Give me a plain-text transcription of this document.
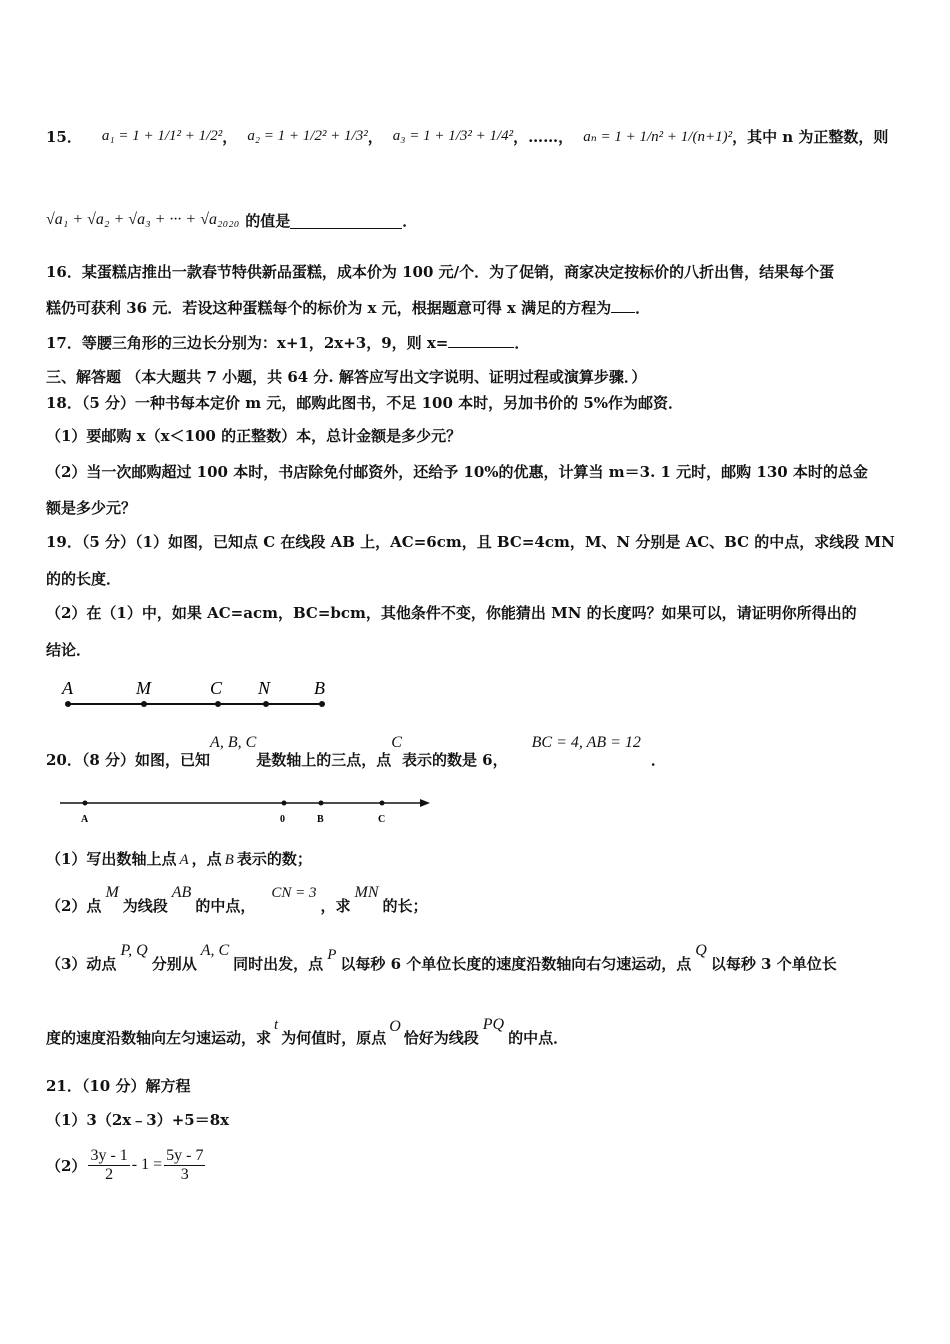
15． a₁ = 1 + 1/1² + 1/2² ， a₂ = 1 + 1/2² + 1/3² ， a₃ = 1 + 1/3² + 1/4² ，……， aₙ = 1 + 1/n² + 1/(n+1)² ，其中 n 为正整数，则
√a₁ + √a₂ + √a₃ + ··· + √a₂₀₂₀ 的值是	．
16．某蛋糕店推出一款春节特供新品蛋糕，成本价为 100 元/个．为了促销，商家决定按标价的八折出售，结果每个蛋
糕仍可获利 36 元．若设这种蛋糕每个的标价为 x 元，根据题意可得 x 满足的方程为 ．
17．等腰三角形的三边长分别为：x+1，2x+3，9，则 x=	．
三、解答题 （本大题共 7 小题，共 64 分. 解答应写出文字说明、证明过程或演算步骤．）
18．（5 分）一种书每本定价 m 元，邮购此图书，不足 100 本时，另加书价的 5%作为邮资．
（1）要邮购 x（x＜100 的正整数）本，总计金额是多少元？
（2）当一次邮购超过 100 本时，书店除免付邮资外，还给予 10%的优惠，计算当 m＝3. 1 元时，邮购 130 本时的总金
额是多少元？
19．（5 分）（1）如图，已知点 C 在线段 AB 上，AC=6cm，且 BC=4cm，M、N 分别是 AC、BC 的中点，求线段 MN
的的长度．
（2）在（1）中，如果 AC=acm，BC=bcm，其他条件不变，你能猜出 MN 的长度吗？如果可以，请证明你所得出的
结论．
A	M	C N B
20．（8 分）如图，已知
A, B, C
是数轴上的三点，点
C
表示的数是 6，
BC = 4, AB = 12
．
A	0	B	C
（1）写出数轴上点 A ，点 B 表示的数；
（2）点
M
为线段
AB
的中点，
CN = 3
，求
MN
的长；
（3）动点
P, Q
分别从
A, C
同时出发，点 P 以每秒 6 个单位长度的速度沿数轴向右匀速运动，点
Q
以每秒 3 个单位长
度的速度沿数轴向左匀速运动，求
t
为何值时，原点
O
恰好为线段
PQ
的中点．
21．（10 分）解方程
（1）3（2x﹣3）+5＝8x
$(2) \frac{3y - 1}{2} - 1 = \frac{5y - 7}{3}$
